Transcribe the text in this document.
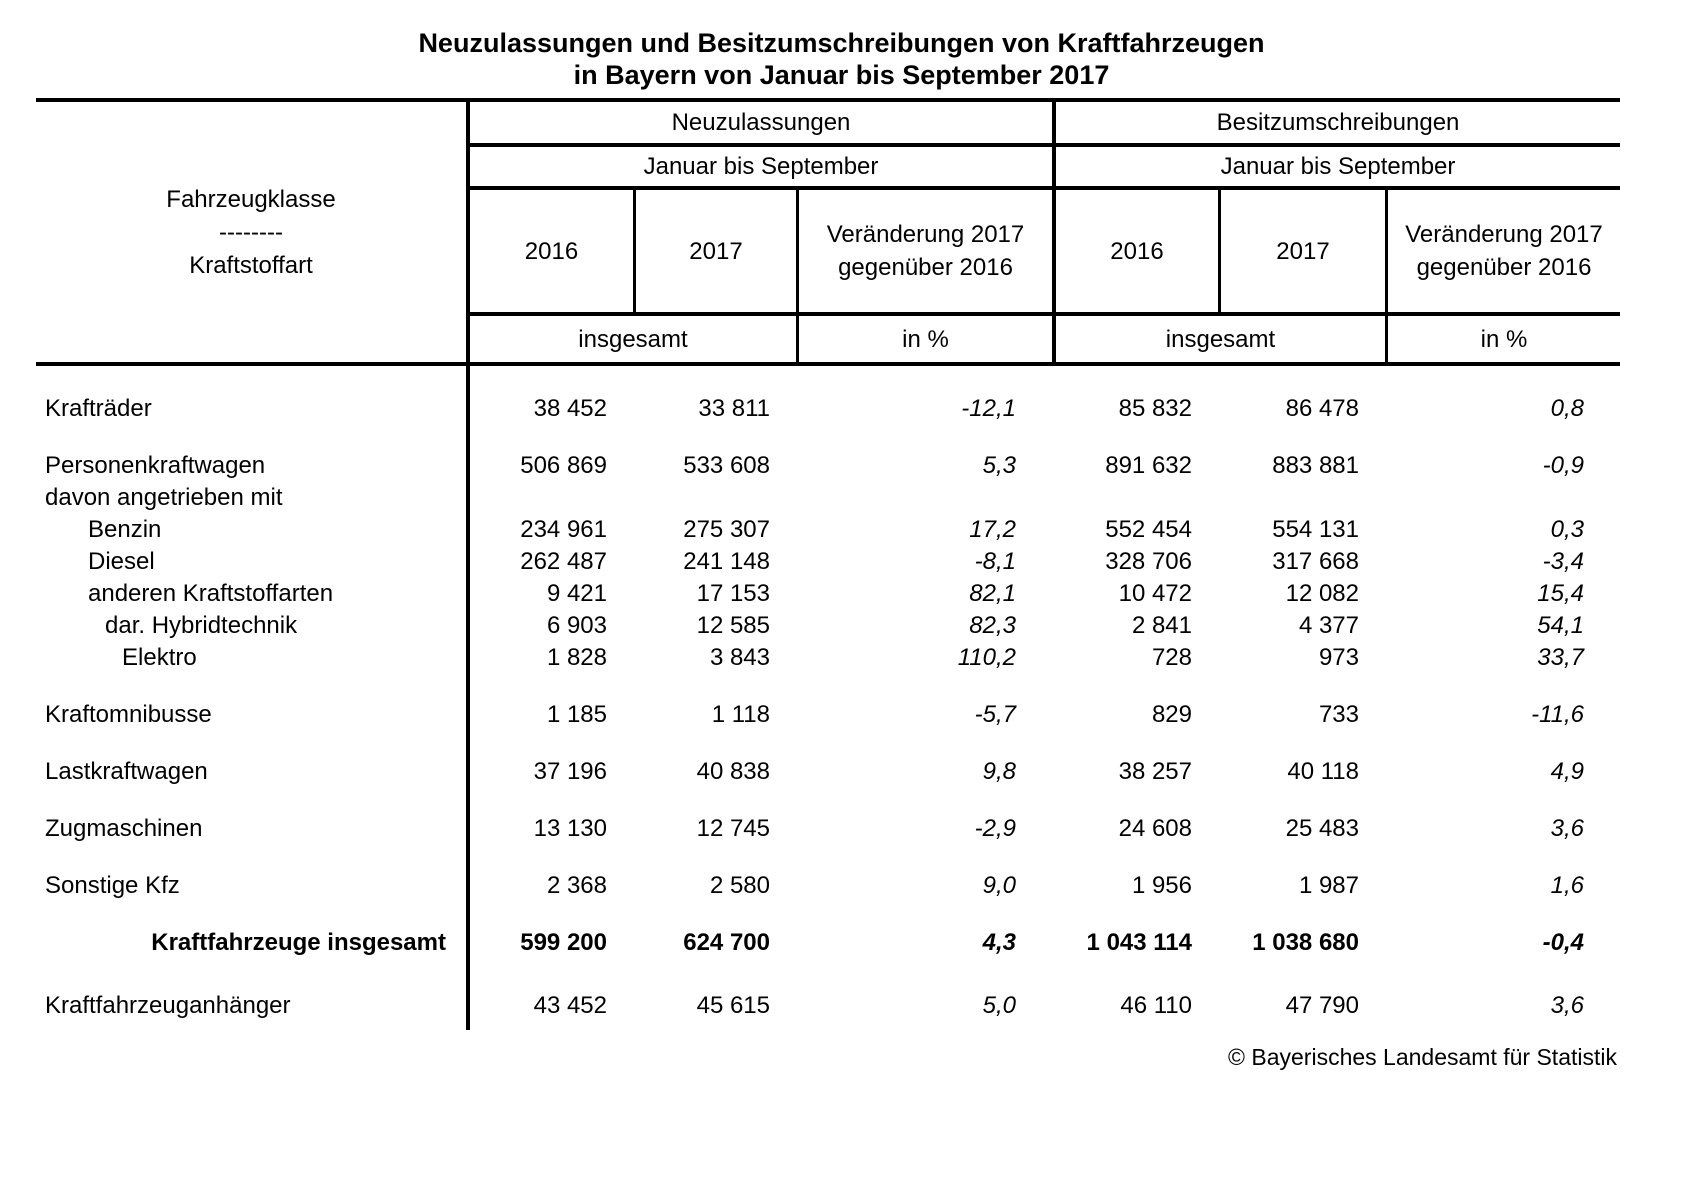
Neuzulassungen und Besitzumschreibungen von Kraftfahrzeugen
in Bayern von Januar bis September 2017
Fahrzeugklasse
--------
Kraftstoffart
Neuzulassungen	Besitzumschreibungen
Januar bis September	Januar bis September
2016	2017
Veränderung 2017 gegenüber 2016
2016	2017
Veränderung 2017 gegenüber 2016
insgesamt	in %	insgesamt	in %
Krafträder	38 452	33 811	-12,1	85 832	86 478	0,8
Personenkraftwagen	506 869	533 608	5,3	891 632	883 881	-0,9
davon angetrieben mit
Benzin	234 961	275 307	17,2	552 454	554 131	0,3
Diesel	262 487	241 148	-8,1	328 706	317 668	-3,4
anderen Kraftstoffarten	9 421	17 153	82,1	10 472	12 082	15,4
dar. Hybridtechnik	6 903	12 585	82,3	2 841	4 377	54,1
Elektro	1 828	3 843	110,2	728	973	33,7
Kraftomnibusse	1 185	1 118	-5,7	829	733	-11,6
Lastkraftwagen	37 196	40 838	9,8	38 257	40 118	4,9
Zugmaschinen	13 130	12 745	-2,9	24 608	25 483	3,6
Sonstige Kfz	2 368	2 580	9,0	1 956	1 987	1,6
Kraftfahrzeuge insgesamt	599 200	624 700	4,3	1 043 114	1 038 680	-0,4
Kraftfahrzeuganhänger	43 452	45 615	5,0	46 110	47 790	3,6
© Bayerisches Landesamt für Statistik
